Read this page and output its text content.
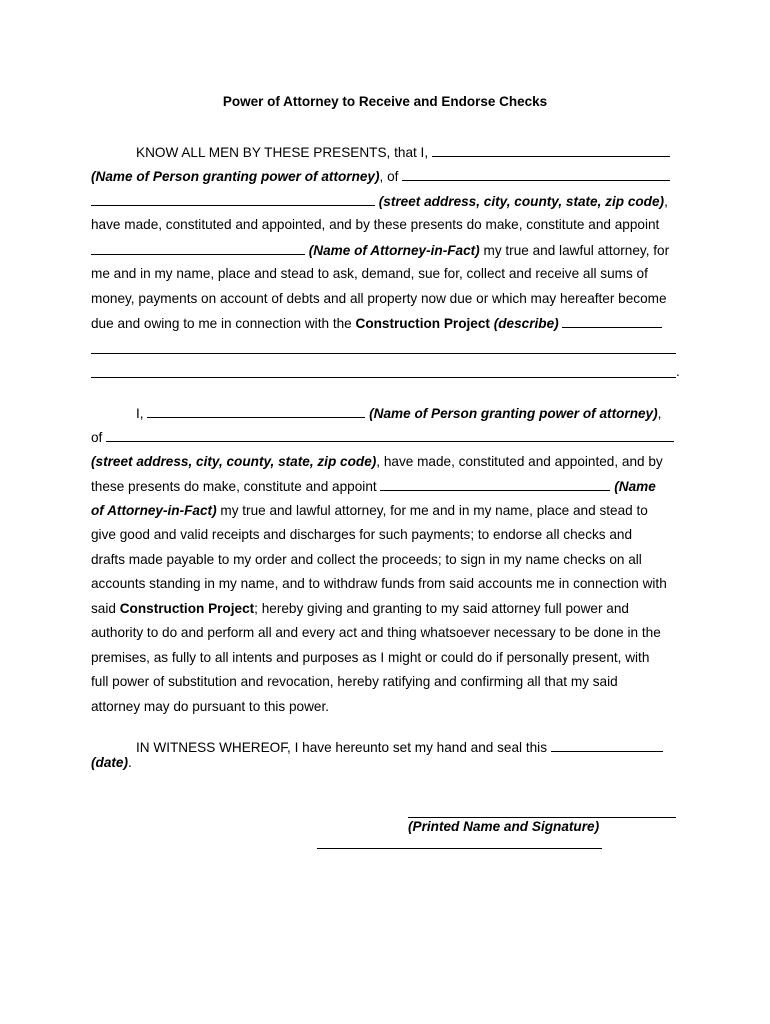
Power of Attorney to Receive and Endorse Checks
KNOW ALL MEN BY THESE PRESENTS, that I,
(Name of Person granting power of attorney), of
(street address, city, county, state, zip code),
have made, constituted and appointed, and by these presents do make, constitute and appoint
(Name of Attorney-in-Fact) my true and lawful attorney, for
me and in my name, place and stead to ask, demand, sue for, collect and receive all sums of
money, payments on account of debts and all property now due or which may hereafter become
due and owing to me in connection with the Construction Project (describe)
.
I,	(Name of Person granting power of attorney),
of
(street address, city, county, state, zip code), have made, constituted and appointed, and by
these presents do make, constitute and appoint	(Name
of Attorney-in-Fact) my true and lawful attorney, for me and in my name, place and stead to
give good and valid receipts and discharges for such payments; to endorse all checks and
drafts made payable to my order and collect the proceeds; to sign in my name checks on all
accounts standing in my name, and to withdraw funds from said accounts me in connection with
said Construction Project; hereby giving and granting to my said attorney full power and
authority to do and perform all and every act and thing whatsoever necessary to be done in the
premises, as fully to all intents and purposes as I might or could do if personally present, with
full power of substitution and revocation, hereby ratifying and confirming all that my said
attorney may do pursuant to this power.
IN WITNESS WHEREOF, I have hereunto set my hand and seal this
(date).
(Printed Name and Signature)
